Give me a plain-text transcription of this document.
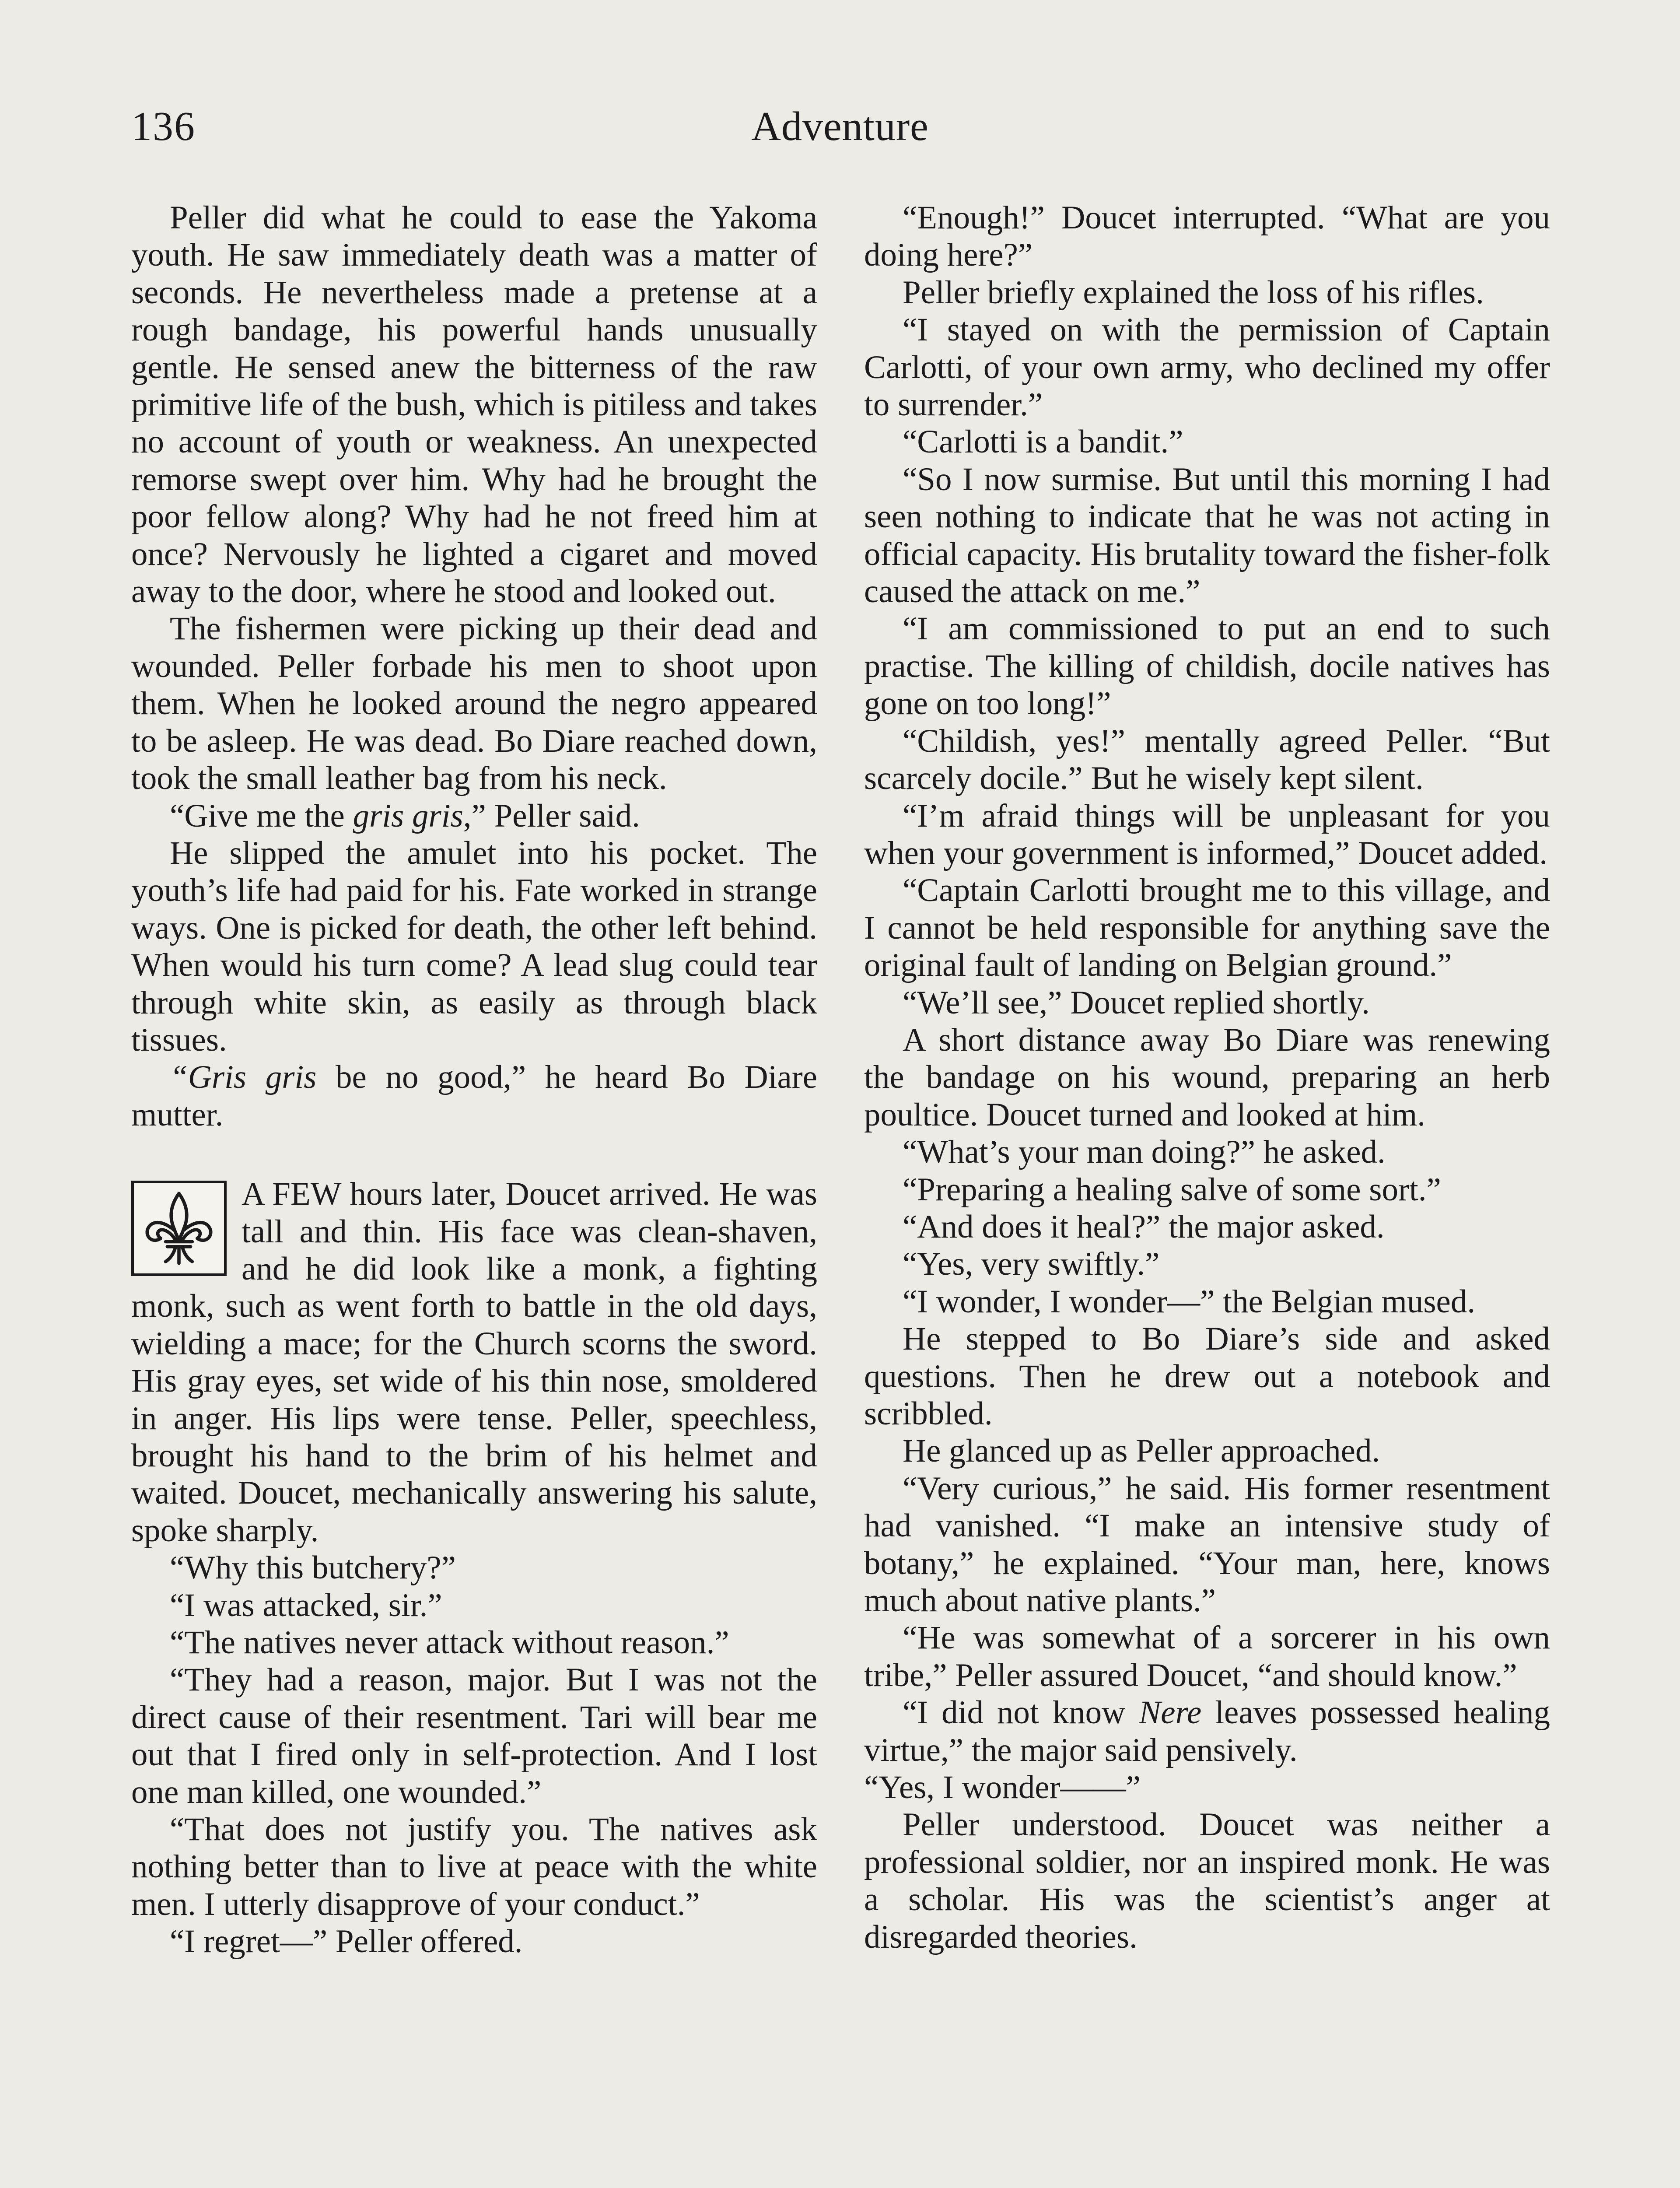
136	Adventure

Peller did what he could to ease the Yakoma youth. He saw immediately death was a matter of seconds. He nevertheless made a pretense at a rough bandage, his powerful hands unusually gentle. He sensed anew the bitterness of the raw primitive life of the bush, which is pitiless and takes no account of youth or weakness. An unexpected remorse swept over him. Why had he brought the poor fellow along? Why had he not freed him at once? Nervously he lighted a cigaret and moved away to the door, where he stood and looked out.

The fishermen were picking up their dead and wounded. Peller forbade his men to shoot upon them. When he looked around the negro appeared to be asleep. He was dead. Bo Diare reached down, took the small leather bag from his neck.

“Give me the gris gris,” Peller said.

He slipped the amulet into his pocket. The youth’s life had paid for his. Fate worked in strange ways. One is picked for death, the other left behind. When would his turn come? A lead slug could tear through white skin, as easily as through black tissues.

“Gris gris be no good,” he heard Bo Diare mutter.

A FEW hours later, Doucet arrived. He was tall and thin. His face was clean-shaven, and he did look like a monk, a fighting monk, such as went forth to battle in the old days, wielding a mace; for the Church scorns the sword. His gray eyes, set wide of his thin nose, smoldered in anger. His lips were tense. Peller, speechless, brought his hand to the brim of his helmet and waited. Doucet, mechanically answering his salute, spoke sharply.

“Why this butchery?”

“I was attacked, sir.”

“The natives never attack without reason.”

“They had a reason, major. But I was not the direct cause of their resentment. Tari will bear me out that I fired only in self-protection. And I lost one man killed, one wounded.”

“That does not justify you. The natives ask nothing better than to live at peace with the white men. I utterly disapprove of your conduct.”

“I regret—” Peller offered.

“Enough!” Doucet interrupted. “What are you doing here?”

Peller briefly explained the loss of his rifles.

“I stayed on with the permission of Captain Carlotti, of your own army, who declined my offer to surrender.”

“Carlotti is a bandit.”

“So I now surmise. But until this morning I had seen nothing to indicate that he was not acting in official capacity. His brutality toward the fisher-folk caused the attack on me.”

“I am commissioned to put an end to such practise. The killing of childish, docile natives has gone on too long!”

“Childish, yes!” mentally agreed Peller. “But scarcely docile.” But he wisely kept silent.

“I’m afraid things will be unpleasant for you when your government is informed,” Doucet added.

“Captain Carlotti brought me to this village, and I cannot be held responsible for anything save the original fault of landing on Belgian ground.”

“We’ll see,” Doucet replied shortly.

A short distance away Bo Diare was renewing the bandage on his wound, preparing an herb poultice. Doucet turned and looked at him.

“What’s your man doing?” he asked.

“Preparing a healing salve of some sort.”

“And does it heal?” the major asked.

“Yes, very swiftly.”

“I wonder, I wonder—” the Belgian mused.

He stepped to Bo Diare’s side and asked questions. Then he drew out a notebook and scribbled.

He glanced up as Peller approached.

“Very curious,” he said. His former resentment had vanished. “I make an intensive study of botany,” he explained. “Your man, here, knows much about native plants.”

“He was somewhat of a sorcerer in his own tribe,” Peller assured Doucet, “and should know.”

“I did not know Nere leaves possessed healing virtue,” the major said pensively.

“Yes, I wonder——”

Peller understood. Doucet was neither a professional soldier, nor an inspired monk. He was a scholar. His was the scientist’s anger at disregarded theories.
